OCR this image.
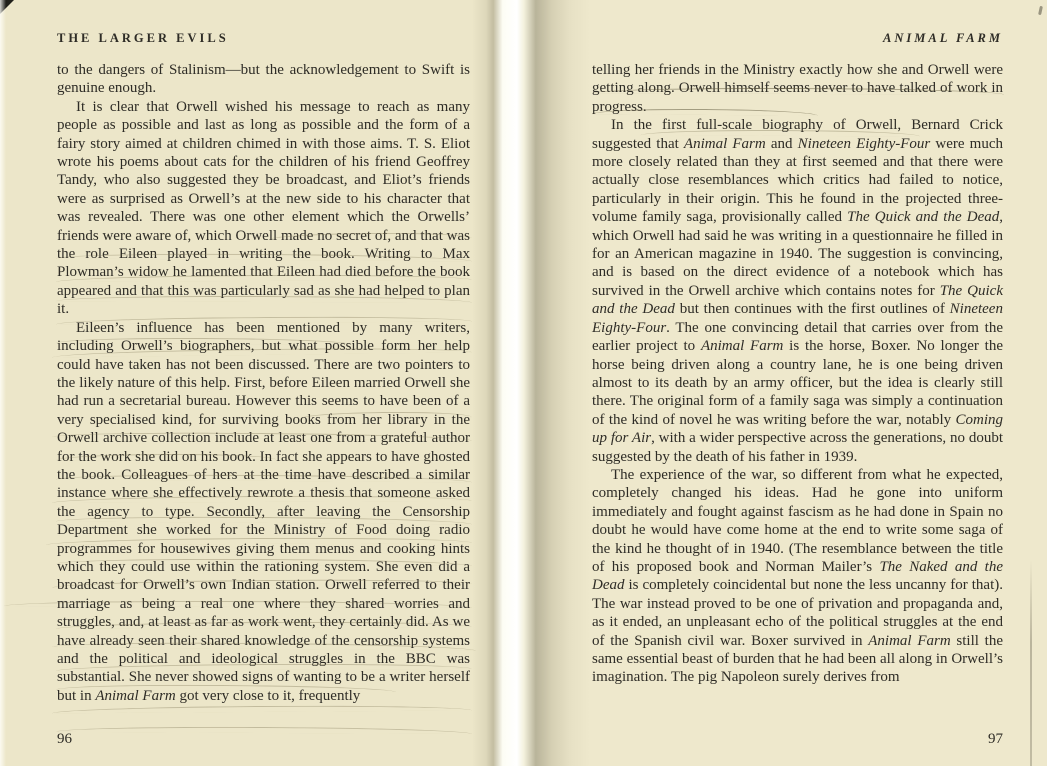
THE LARGER EVILS

to the dangers of Stalinism—but the acknowledgement to Swift is genuine enough.

It is clear that Orwell wished his message to reach as many people as possible and last as long as possible and the form of a fairy story aimed at children chimed in with those aims. T. S. Eliot wrote his poems about cats for the children of his friend Geoffrey Tandy, who also suggested they be broadcast, and Eliot’s friends were as surprised as Orwell’s at the new side to his character that was revealed. There was one other element which the Orwells’ friends were aware of, which Orwell made no secret of, and that was the role Eileen played in writing the book. Writing to Max Plowman’s widow he lamented that Eileen had died before the book appeared and that this was particularly sad as she had helped to plan it.

Eileen’s influence has been mentioned by many writers, including Orwell’s biographers, but what possible form her help could have taken has not been discussed. There are two pointers to the likely nature of this help. First, before Eileen married Orwell she had run a secretarial bureau. However this seems to have been of a very specialised kind, for surviving books from her library in the Orwell archive collection include at least one from a grateful author for the work she did on his book. In fact she appears to have ghosted the book. Colleagues of hers at the time have described a similar instance where she effectively rewrote a thesis that someone asked the agency to type. Secondly, after leaving the Censorship Department she worked for the Ministry of Food doing radio programmes for housewives giving them menus and cooking hints which they could use within the rationing system. She even did a broadcast for Orwell’s own Indian station. Orwell referred to their marriage as being a real one where they shared worries and struggles, and, at least as far as work went, they certainly did. As we have already seen their shared knowledge of the censorship systems and the political and ideological struggles in the BBC was substantial. She never showed signs of wanting to be a writer herself but in Animal Farm got very close to it, frequently

96
ANIMAL FARM

telling her friends in the Ministry exactly how she and Orwell were getting along. Orwell himself seems never to have talked of work in progress.

In the first full-scale biography of Orwell, Bernard Crick suggested that Animal Farm and Nineteen Eighty-Four were much more closely related than they at first seemed and that there were actually close resemblances which critics had failed to notice, particularly in their origin. This he found in the projected three-volume family saga, provisionally called The Quick and the Dead, which Orwell had said he was writing in a questionnaire he filled in for an American magazine in 1940. The suggestion is convincing, and is based on the direct evidence of a notebook which has survived in the Orwell archive which contains notes for The Quick and the Dead but then continues with the first outlines of Nineteen Eighty-Four. The one convincing detail that carries over from the earlier project to Animal Farm is the horse, Boxer. No longer the horse being driven along a country lane, he is one being driven almost to its death by an army officer, but the idea is clearly still there. The original form of a family saga was simply a continuation of the kind of novel he was writing before the war, notably Coming up for Air, with a wider perspective across the generations, no doubt suggested by the death of his father in 1939.

The experience of the war, so different from what he expected, completely changed his ideas. Had he gone into uniform immediately and fought against fascism as he had done in Spain no doubt he would have come home at the end to write some saga of the kind he thought of in 1940. (The resemblance between the title of his proposed book and Norman Mailer’s The Naked and the Dead is completely coincidental but none the less uncanny for that). The war instead proved to be one of privation and propaganda and, as it ended, an unpleasant echo of the political struggles at the end of the Spanish civil war. Boxer survived in Animal Farm still the same essential beast of burden that he had been all along in Orwell’s imagination. The pig Napoleon surely derives from

97
